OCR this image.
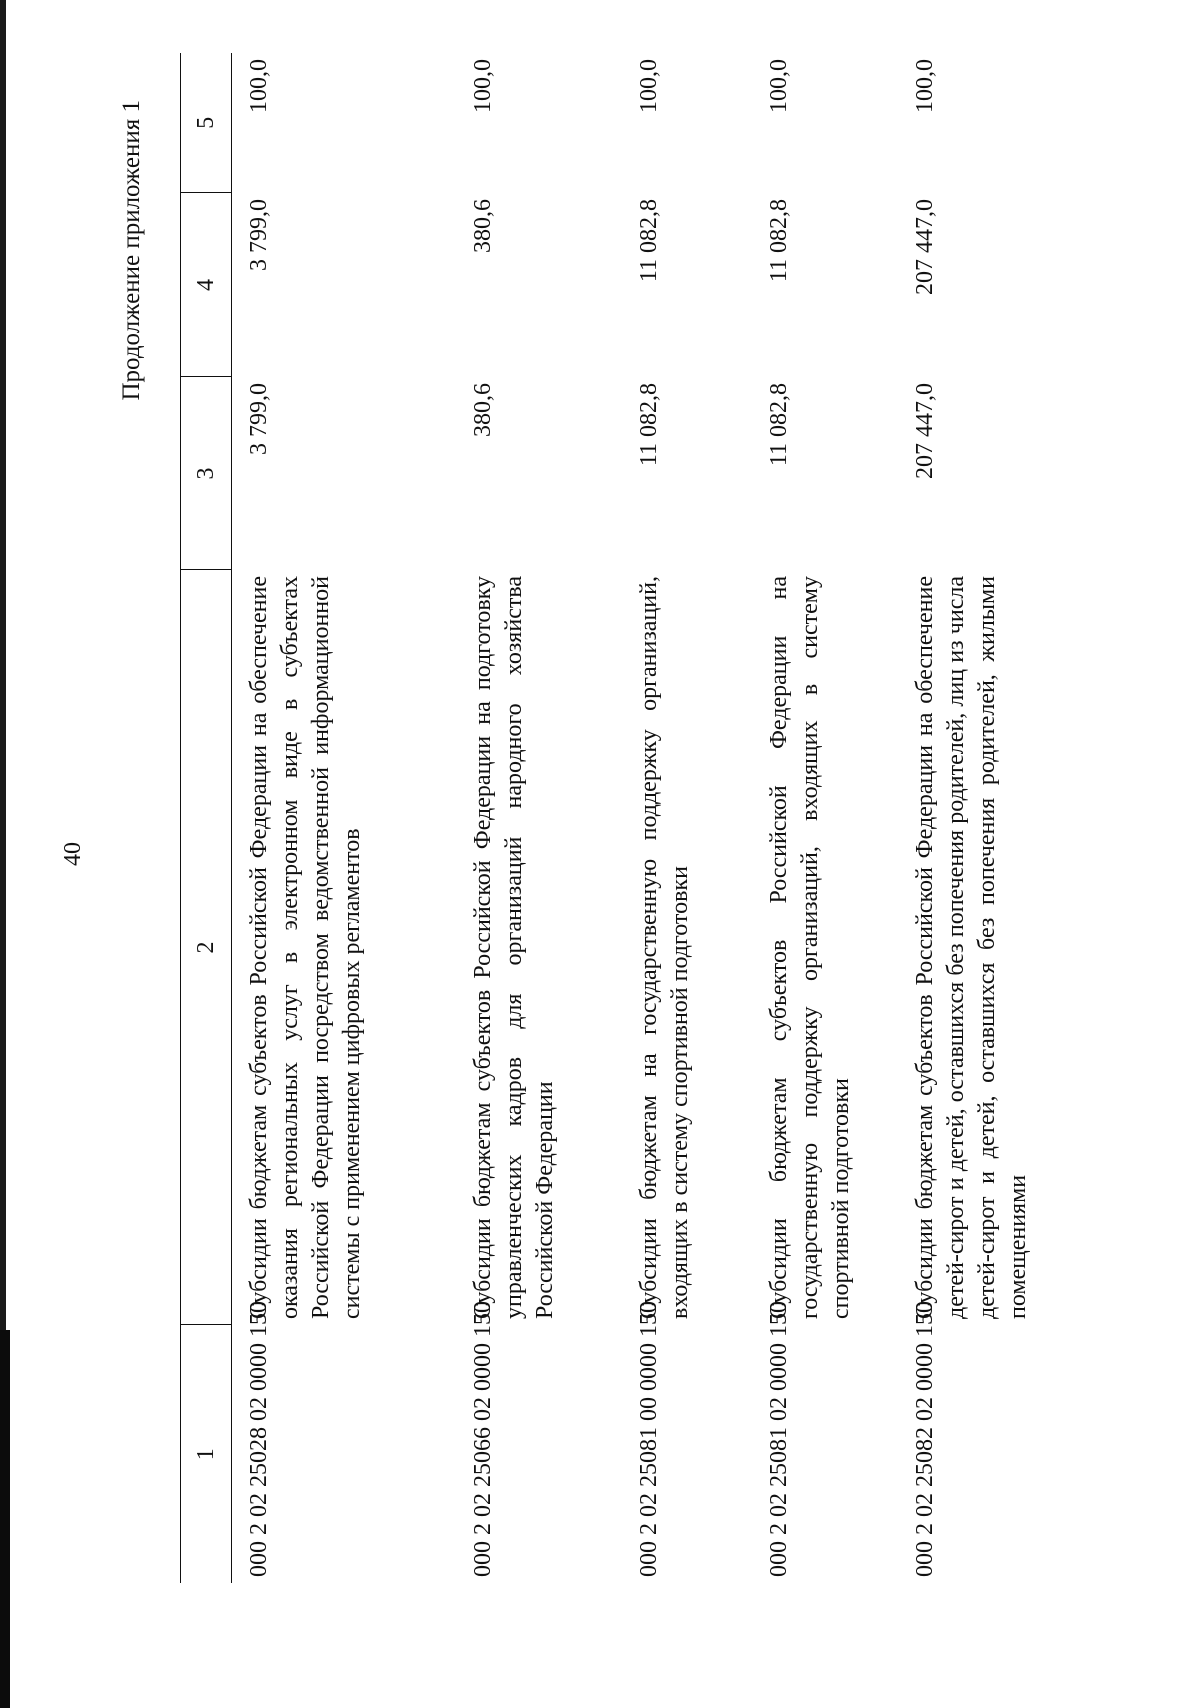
40
Продолжение приложения 1
1	2	3	4	5
000 2 02 25028 02 0000 150	Субсидии бюджетам субъектов Российской Федерации на обеспечение оказания региональных услуг в электронном виде в субъектах Российской Федерации посредством ведомственной информационной системы с применением цифровых регламентов	3 799,0	3 799,0	100,0
000 2 02 25066 02 0000 150	Субсидии бюджетам субъектов Российской Федерации на подготовку управленческих кадров для организаций народного хозяйства Российской Федерации	380,6	380,6	100,0
000 2 02 25081 00 0000 150	Субсидии бюджетам на государственную поддержку организаций, входящих в систему спортивной подготовки	11 082,8	11 082,8	100,0
000 2 02 25081 02 0000 150	Субсидии бюджетам субъектов Российской Федерации на государственную поддержку организаций, входящих в систему спортивной подготовки	11 082,8	11 082,8	100,0
000 2 02 25082 02 0000 150	Субсидии бюджетам субъектов Российской Федерации на обеспечение детей-сирот и детей, оставшихся без попечения родителей, лиц из числа детей-сирот и детей, оставшихся без попечения родителей, жилыми помещениями	207 447,0	207 447,0	100,0
